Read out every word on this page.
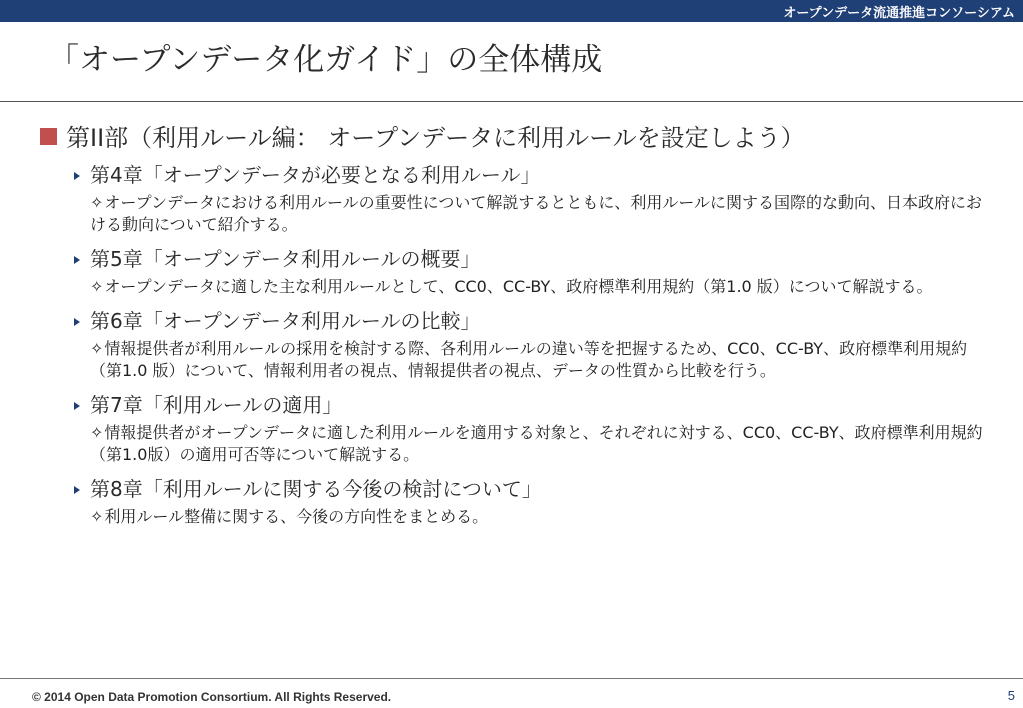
オープンデータ流通推進コンソーシアム
「オープンデータ化ガイド」の全体構成
第II部（利用ルール編： オープンデータに利用ルールを設定しよう）
第4章「オープンデータが必要となる利用ルール」
✧オープンデータにおける利用ルールの重要性について解説するとともに、利用ルールに関する国際的な動向、日本政府における動向について紹介する。
第5章「オープンデータ利用ルールの概要」
✧オープンデータに適した主な利用ルールとして、CC0、CC-BY、政府標準利用規約（第1.0 版）について解説する。
第6章「オープンデータ利用ルールの比較」
✧情報提供者が利用ルールの採用を検討する際、各利用ルールの違い等を把握するため、CC0、CC-BY、政府標準利用規約（第1.0 版）について、情報利用者の視点、情報提供者の視点、データの性質から比較を行う。
第7章「利用ルールの適用」
✧情報提供者がオープンデータに適した利用ルールを適用する対象と、それぞれに対する、CC0、CC-BY、政府標準利用規約（第1.0版）の適用可否等について解説する。
第8章「利用ルールに関する今後の検討について」
✧利用ルール整備に関する、今後の方向性をまとめる。
© 2014 Open Data Promotion Consortium. All Rights Reserved.	5
